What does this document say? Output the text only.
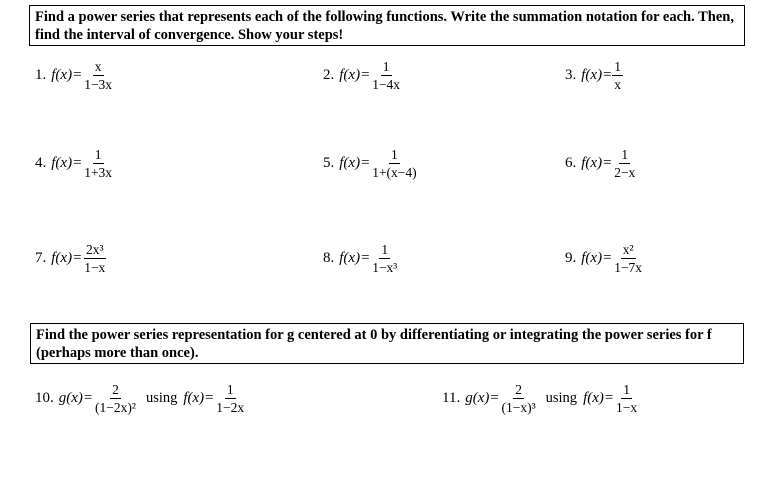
Find a power series that represents each of the following functions. Write the summation notation for each. Then, find the interval of convergence. Show your steps!
1. $f(x)= \frac{x}{1-3x}$	2. $f(x)= \frac{1}{1-4x}$	3. $f(x)= \frac{1}{x}$
4. $f(x)= \frac{1}{1+3x}$	5. $f(x)= \frac{1}{1+(x-4)}$	6. $f(x)= \frac{1}{2-x}$
7. $f(x)= \frac{\text{2x³}}{1-x}$	8. $f(x)= \frac{1}{\text{1−x³}}$	9. $f(x)= \frac{\text{x²}}{1-7x}$
Find the power series representation for g centered at 0 by differentiating or integrating the power series for f (perhaps more than once).
10. $g(x)= \frac{2}{\text{(1−2x)²}}$ using $f(x)= \frac{1}{1-2x}$	11. $g(x)= \frac{2}{\text{(1−x)³}}$ using $f(x)= \frac{1}{1-x}$
